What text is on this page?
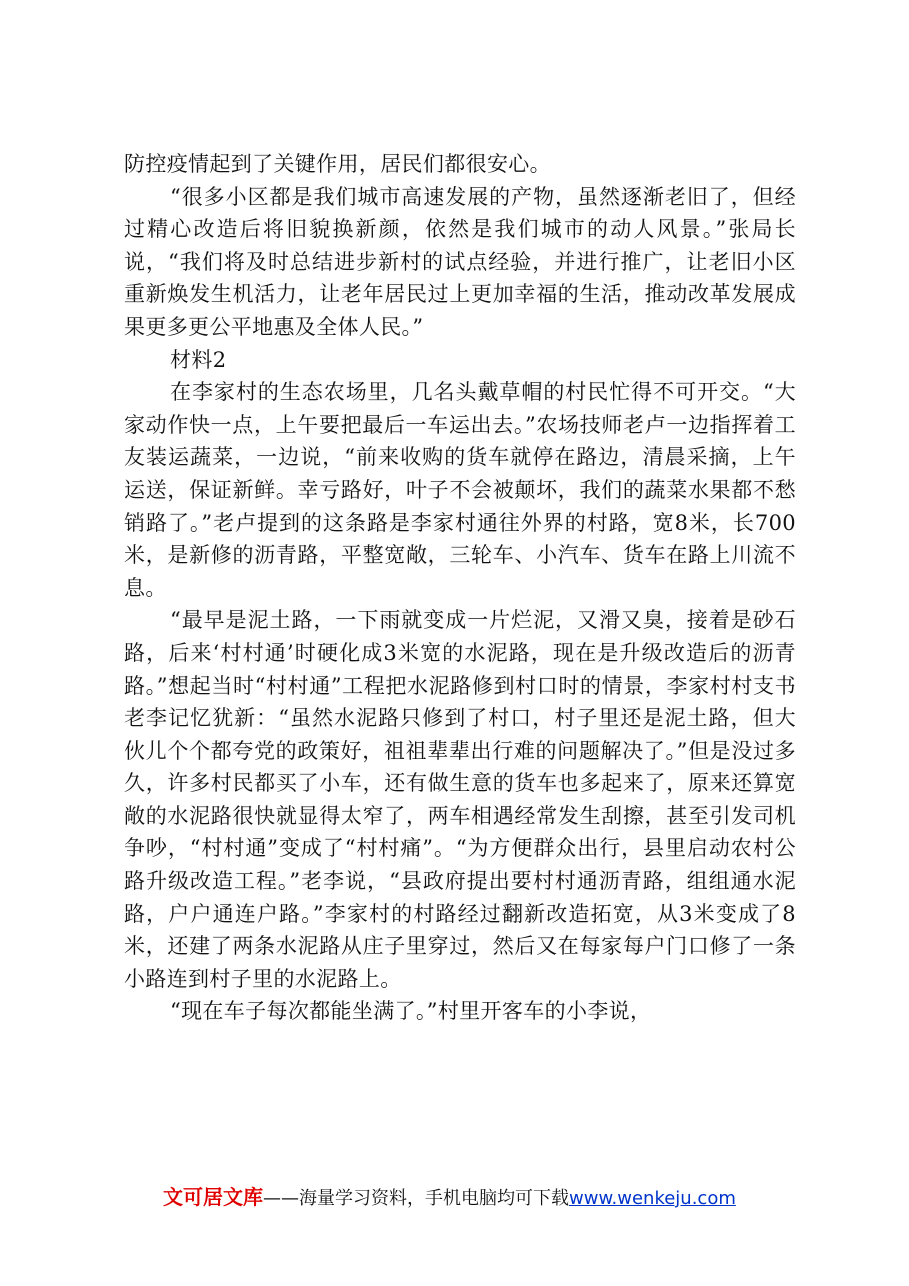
防控疫情起到了关键作用，居民们都很安心。

“很多小区都是我们城市高速发展的产物，虽然逐渐老旧了，但经过精心改造后将旧貌换新颜，依然是我们城市的动人风景。”张局长说，“我们将及时总结进步新村的试点经验，并进行推广，让老旧小区重新焕发生机活力，让老年居民过上更加幸福的生活，推动改革发展成果更多更公平地惠及全体人民。”

材料2

在李家村的生态农场里，几名头戴草帽的村民忙得不可开交。“大家动作快一点，上午要把最后一车运出去。”农场技师老卢一边指挥着工友装运蔬菜，一边说，“前来收购的货车就停在路边，清晨采摘，上午运送，保证新鲜。幸亏路好，叶子不会被颠坏，我们的蔬菜水果都不愁销路了。”老卢提到的这条路是李家村通往外界的村路，宽8米，长700米，是新修的沥青路，平整宽敞，三轮车、小汽车、货车在路上川流不息。

“最早是泥土路，一下雨就变成一片烂泥，又滑又臭，接着是砂石路，后来‘村村通’时硬化成3米宽的水泥路，现在是升级改造后的沥青路。”想起当时“村村通”工程把水泥路修到村口时的情景，李家村村支书老李记忆犹新：“虽然水泥路只修到了村口，村子里还是泥土路，但大伙儿个个都夸党的政策好，祖祖辈辈出行难的问题解决了。”但是没过多久，许多村民都买了小车，还有做生意的货车也多起来了，原来还算宽敞的水泥路很快就显得太窄了，两车相遇经常发生刮擦，甚至引发司机争吵，“村村通”变成了“村村痛”。“为方便群众出行，县里启动农村公路升级改造工程。”老李说，“县政府提出要村村通沥青路，组组通水泥路，户户通连户路。”李家村的村路经过翻新改造拓宽，从3米变成了8米，还建了两条水泥路从庄子里穿过，然后又在每家每户门口修了一条小路连到村子里的水泥路上。

“现在车子每次都能坐满了。”村里开客车的小李说，

文可居文库——海量学习资料，手机电脑均可下载www.wenkeju.com
